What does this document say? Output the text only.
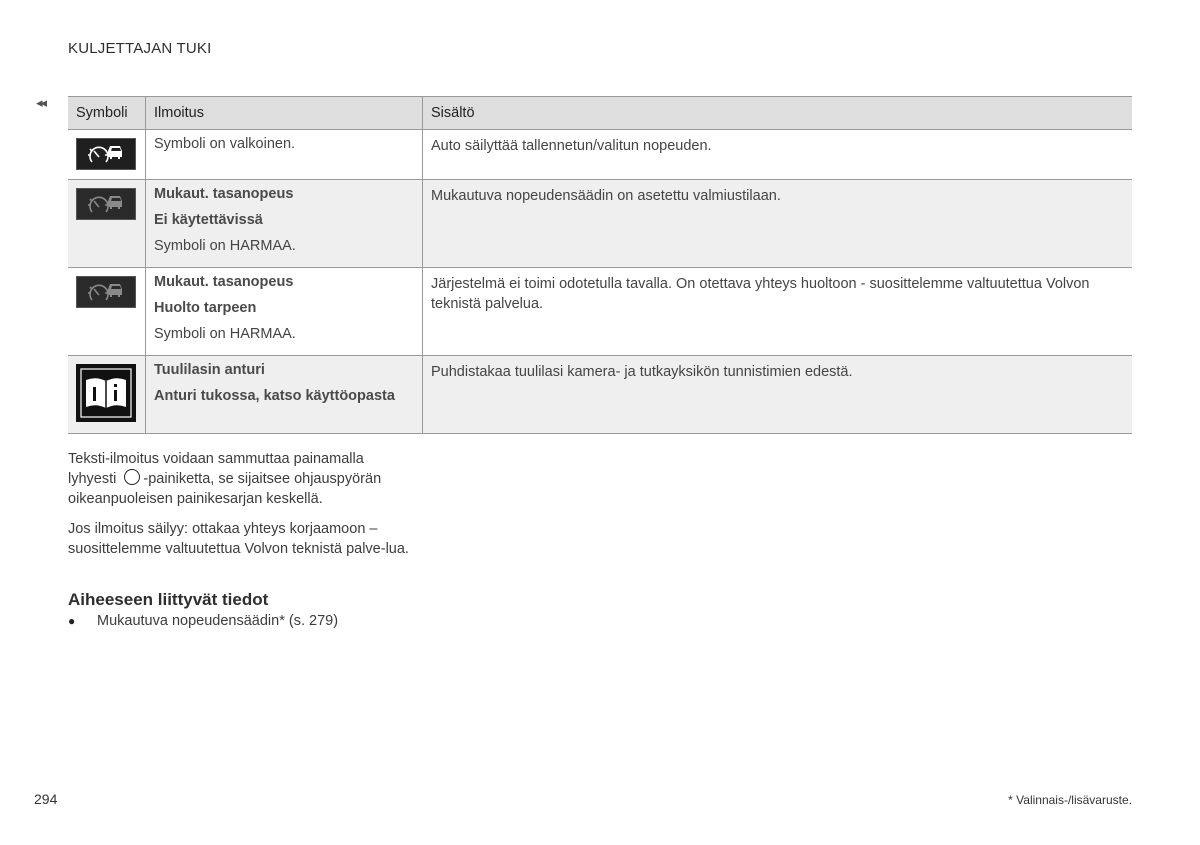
KULJETTAJAN TUKI
◂◂
Symboli	Ilmoitus	Sisältö

Symboli on valkoinen.	Auto säilyttää tallennetun/valitun nopeuden.

Mukaut. tasanopeus
Ei käytettävissä
Symboli on HARMAA.	Mukautuva nopeudensäädin on asetettu valmiustilaan.

Mukaut. tasanopeus
Huolto tarpeen
Symboli on HARMAA.	Järjestelmä ei toimi odotetulla tavalla. On otettava yhteys huoltoon - suosittelemme valtuutettua Volvon teknistä palvelua.

Tuulilasin anturi
Anturi tukossa, katso käyttöopasta	Puhdistakaa tuulilasi kamera- ja tutkayksikön tunnistimien edestä.
Teksti-ilmoitus voidaan sammuttaa painamalla
lyhyesti -painiketta, se sijaitsee ohjauspyörän oikeanpuoleisen painikesarjan keskellä.
Jos ilmoitus säilyy: ottakaa yhteys korjaamoon – suosittelemme valtuutettua Volvon teknistä palve-lua.
Aiheeseen liittyvät tiedot
●	Mukautuva nopeudensäädin* (s. 279)
294	* Valinnais-/lisävaruste.
